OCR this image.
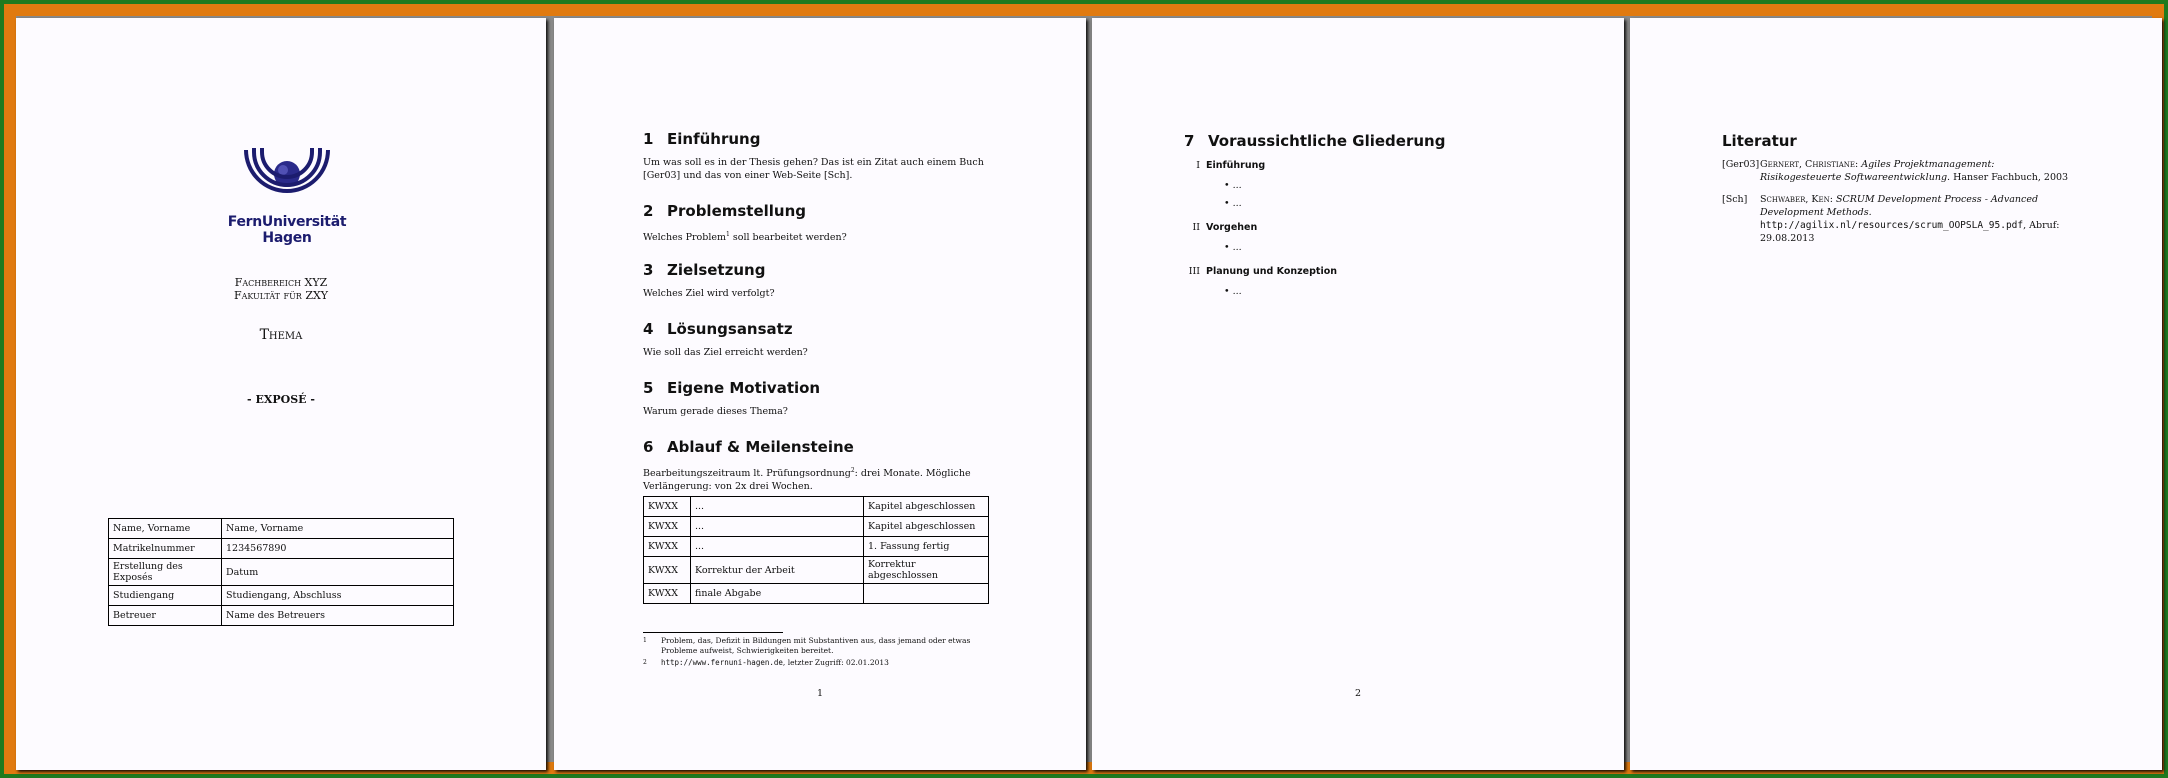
FernUniversität Hagen
Fachbereich XYZ
Fakultät für ZXY
Thema
- EXPOSÉ -
Name, Vorname	Name, Vorname
Matrikelnummer	1234567890
Erstellung des Exposés	Datum
Studiengang	Studiengang, Abschluss
Betreuer	Name des Betreuers
1 Einführung

Um was soll es in der Thesis gehen? Das ist ein Zitat auch einem Buch [Ger03] und das von einer Web-Seite [Sch].

2 Problemstellung

Welches Problem$^1$ soll bearbeitet werden?

3 Zielsetzung

Welches Ziel wird verfolgt?

4 Lösungsansatz

Wie soll das Ziel erreicht werden?

5 Eigene Motivation

Warum gerade dieses Thema?

6 Ablauf & Meilensteine

Bearbeitungszeitraum lt. Prüfungsordnung$^2$: drei Monate. Mögliche Verlängerung: von 2x drei Wochen.

KWXX	...	Kapitel abgeschlossen
KWXX	...	Kapitel abgeschlossen
KWXX	...	1. Fassung fertig
KWXX	Korrektur der Arbeit	Korrektur abgeschlossen
KWXX	finale Abgabe	
1 Problem, das, Defizit in Bildungen mit Substantiven aus, dass jemand oder etwas Probleme aufweist, Schwierigkeiten bereitet.
2 http://www.fernuni-hagen.de, letzter Zugriff: 02.01.2013
1
7 Voraussichtliche Gliederung
I Einführung
• ...
• ...
II Vorgehen
• ...
III Planung und Konzeption
• ...
2
Literatur
[Ger03] Gernert, Christiane: Agiles Projektmanagement: Risikogesteuerte Softwareentwicklung. Hanser Fachbuch, 2003
[Sch] Schwaber, Ken: SCRUM Development Process - Advanced Development Methods. http://agilix.nl/resources/scrum_OOPSLA_95.pdf, Abruf: 29.08.2013
